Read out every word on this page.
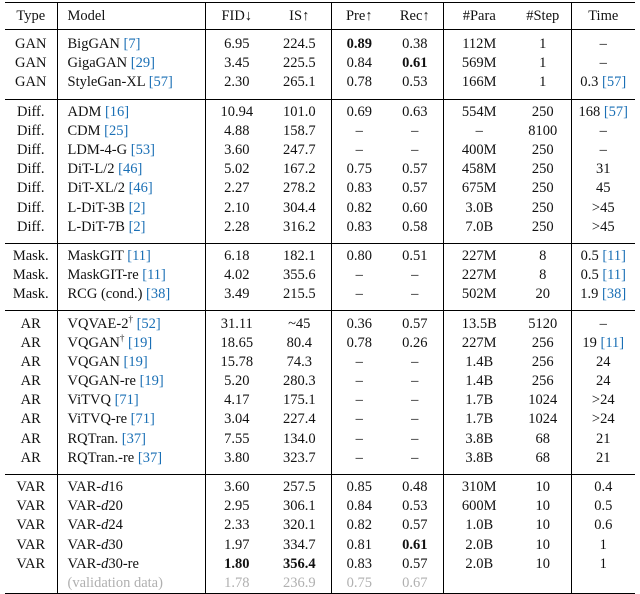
Type	Model	FID↓	IS↑	Pre↑	Rec↑	#Para	#Step	Time
GAN	BigGAN [7]	6.95	224.5	0.89	0.38	112M	1	–
GAN	GigaGAN [29]	3.45	225.5	0.84	0.61	569M	1	–
GAN	StyleGan-XL [57]	2.30	265.1	0.78	0.53	166M	1	0.3 [57]

Diff.	ADM [16]	10.94	101.0	0.69	0.63	554M	250	168 [57]
Diff.	CDM [25]	4.88	158.7	–	–	–	8100	–
Diff.	LDM-4-G [53]	3.60	247.7	–	–	400M	250	–
Diff.	DiT-L/2 [46]	5.02	167.2	0.75	0.57	458M	250	31
Diff.	DiT-XL/2 [46]	2.27	278.2	0.83	0.57	675M	250	45
Diff.	L-DiT-3B [2]	2.10	304.4	0.82	0.60	3.0B	250	>45
Diff.	L-DiT-7B [2]	2.28	316.2	0.83	0.58	7.0B	250	>45

Mask.	MaskGIT [11]	6.18	182.1	0.80	0.51	227M	8	0.5 [11]
Mask.	MaskGIT-re [11]	4.02	355.6	–	–	227M	8	0.5 [11]
Mask.	RCG (cond.) [38]	3.49	215.5	–	–	502M	20	1.9 [38]

AR	VQVAE-2† [52]	31.11	~45	0.36	0.57	13.5B	5120	–
AR	VQGAN† [19]	18.65	80.4	0.78	0.26	227M	256	19 [11]
AR	VQGAN [19]	15.78	74.3	–	–	1.4B	256	24
AR	VQGAN-re [19]	5.20	280.3	–	–	1.4B	256	24
AR	ViTVQ [71]	4.17	175.1	–	–	1.7B	1024	>24
AR	ViTVQ-re [71]	3.04	227.4	–	–	1.7B	1024	>24
AR	RQTran. [37]	7.55	134.0	–	–	3.8B	68	21
AR	RQTran.-re [37]	3.80	323.7	–	–	3.8B	68	21

VAR	VAR-d16	3.60	257.5	0.85	0.48	310M	10	0.4
VAR	VAR-d20	2.95	306.1	0.84	0.53	600M	10	0.5
VAR	VAR-d24	2.33	320.1	0.82	0.57	1.0B	10	0.6
VAR	VAR-d30	1.97	334.7	0.81	0.61	2.0B	10	1
VAR	VAR-d30-re	1.80	356.4	0.83	0.57	2.0B	10	1
	(validation data)	1.78	236.9	0.75	0.67			
